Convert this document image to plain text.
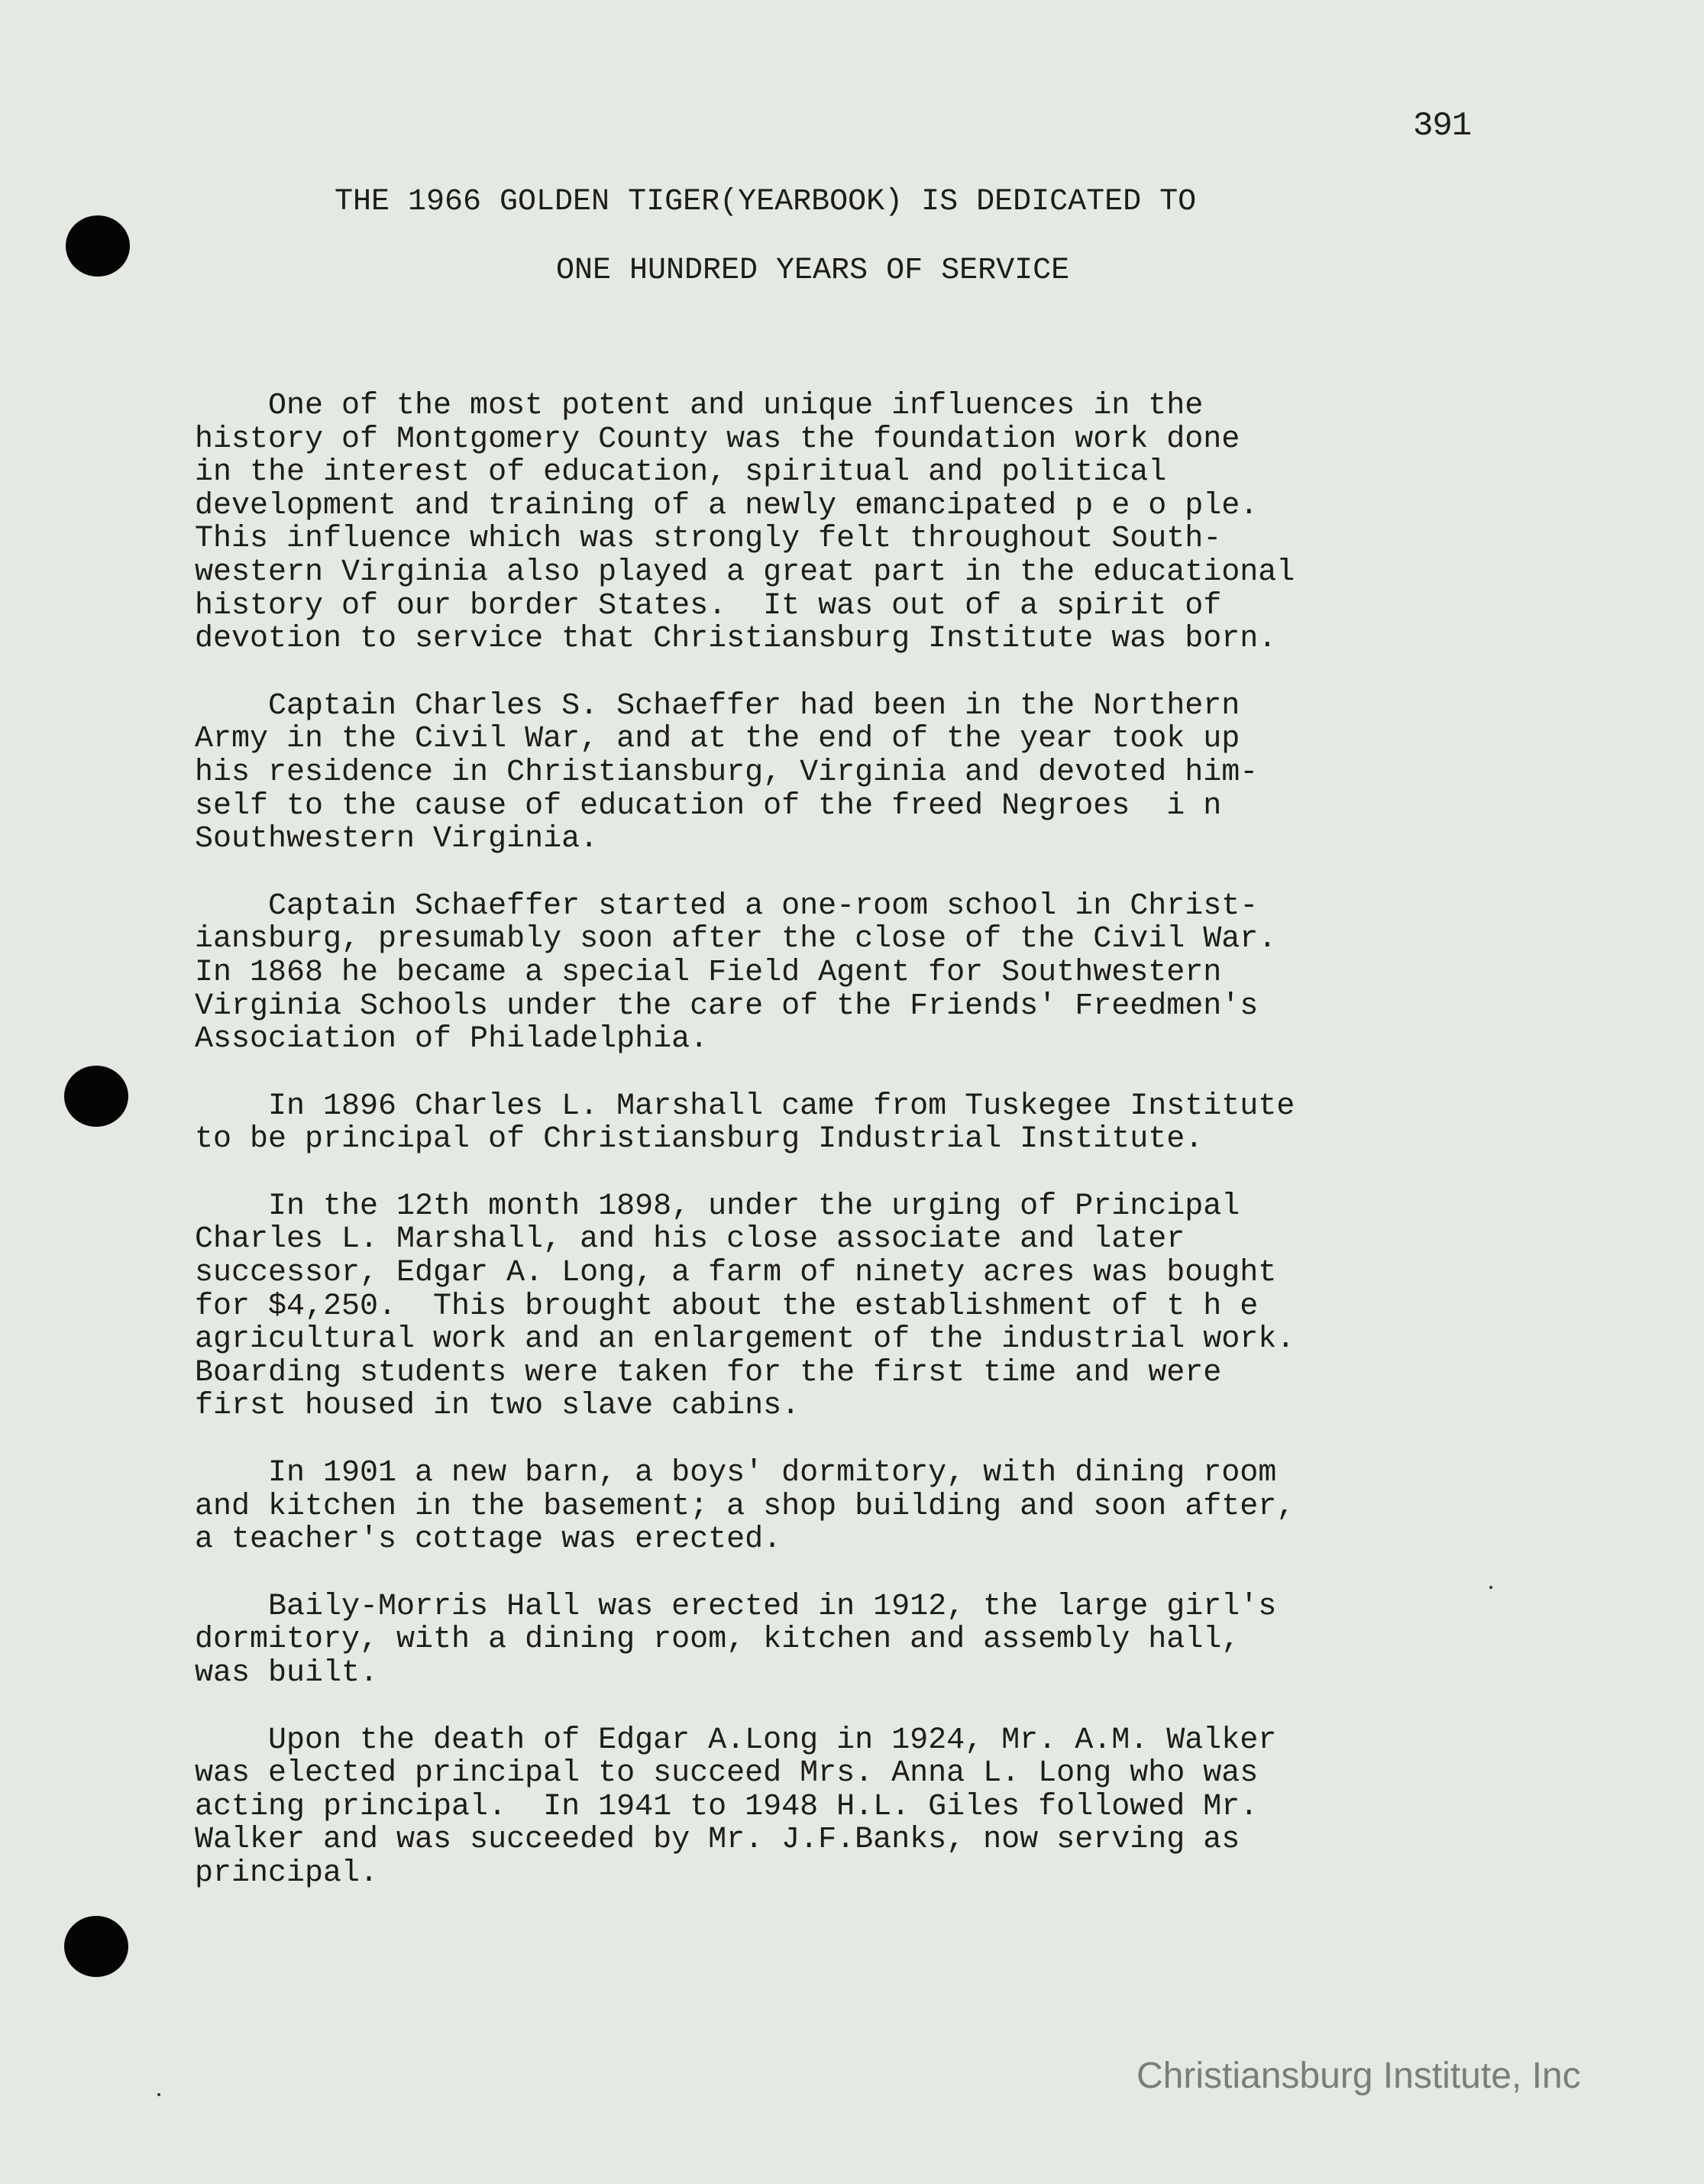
391
THE 1966 GOLDEN TIGER(YEARBOOK) IS DEDICATED TO
ONE HUNDRED YEARS OF SERVICE

One of the most potent and unique influences in the
history of Montgomery County was the foundation work done
in the interest of education, spiritual and political
development and training of a newly emancipated p e o ple.
This influence which was strongly felt throughout South-
western Virginia also played a great part in the educational
history of our border States.  It was out of a spirit of
devotion to service that Christiansburg Institute was born.

Captain Charles S. Schaeffer had been in the Northern
Army in the Civil War, and at the end of the year took up
his residence in Christiansburg, Virginia and devoted him-
self to the cause of education of the freed Negroes  i n
Southwestern Virginia.

Captain Schaeffer started a one-room school in Christ-
iansburg, presumably soon after the close of the Civil War.
In 1868 he became a special Field Agent for Southwestern
Virginia Schools under the care of the Friends' Freedmen's
Association of Philadelphia.

In 1896 Charles L. Marshall came from Tuskegee Institute
to be principal of Christiansburg Industrial Institute.

In the 12th month 1898, under the urging of Principal
Charles L. Marshall, and his close associate and later
successor, Edgar A. Long, a farm of ninety acres was bought
for $4,250.  This brought about the establishment of t h e
agricultural work and an enlargement of the industrial work.
Boarding students were taken for the first time and were
first housed in two slave cabins.

In 1901 a new barn, a boys' dormitory, with dining room
and kitchen in the basement; a shop building and soon after,
a teacher's cottage was erected.

Baily-Morris Hall was erected in 1912, the large girl's
dormitory, with a dining room, kitchen and assembly hall,
was built.

Upon the death of Edgar A.Long in 1924, Mr. A.M. Walker
was elected principal to succeed Mrs. Anna L. Long who was
acting principal.  In 1941 to 1948 H.L. Giles followed Mr.
Walker and was succeeded by Mr. J.F.Banks, now serving as
principal.

Christiansburg Institute, Inc
